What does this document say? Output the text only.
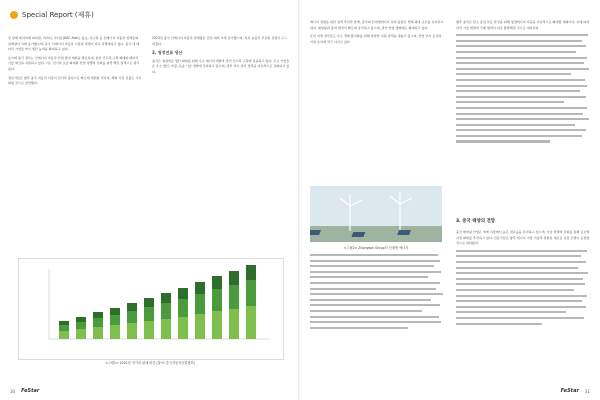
Special Report (제휴)

일 판매 데이터에 의하면, 비야디, 아이온(GAC Aion), 볼보, 샤오펑 등 신에너지 자동차 업체들의 판매량이 크게 증가했으며, 중국 신에너지 자동차 시장의 경쟁이 더욱 치열해지고 있다. 중국 내 배터리 기업들 역시 생산 능력을 확대하고 있다.

동시에 중국 정부는 신에너지 자동차 산업 발전 계획을 발표하며, 충전 인프라 구축 확대와 배터리 기술 혁신을 지원하고 있다. 이는 전기차 보급 확대와 산업 경쟁력 강화를 위한 핵심 정책으로 평가된다.

전문가들은 향후 중국 자동차 시장이 전기차 중심으로 빠르게 재편될 것이며, 해외 시장 진출도 가속화될 것으로 전망했다.

2023년 중국 신에너지 자동차 판매량은 전년 대비 크게 증가했으며, 특히 승용차 부문의 성장이 두드러졌다.

2. 청정연료 생산

중국은 청정연료 생산 확대를 위해 수소 에너지 개발과 관련 인프라 구축에 집중하고 있다. 주요 기업들은 수소 생산, 저장, 운송 기술 개발에 투자하고 있으며, 정부 역시 관련 정책을 지속적으로 강화하고 있다.

<그림1> 2021년 전기차 판매 비중 (출처: 중국자동차공업협회)
30 FeStar

에너지 전환을 위한 정책 추진과 함께, 중국의 신재생에너지 설비 용량은 세계 최대 규모를 유지하고 있다. 태양광과 풍력 발전이 빠르게 증가하고 있으며, 관련 산업 생태계도 확대되고 있다.

또한 지방 정부들도 수소 경제 활성화를 위해 다양한 지원 정책을 내놓고 있으며, 산업 단지 조성과 기업 유치에 적극 나서고 있다.

<그림2> Zhongwei Group의 신재생 에너지

향후 중국은 탄소 중립 목표 달성을 위해 청정에너지 비중을 지속적으로 확대할 계획이다. 이에 따라 관련 기술 개발과 국제 협력이 더욱 활발해질 것으로 예상된다.

3. 중국 태양의 전망

중국 태양광 산업은 세계 시장에서 높은 점유율을 유지하고 있으며, 기술 경쟁력 강화를 통해 글로벌 시장 확대를 추진하고 있다. 전문가들은 향후 에너지 저장 기술과 결합된 새로운 성장 모델이 등장할 것으로 내다봤다.

FeStar 31
